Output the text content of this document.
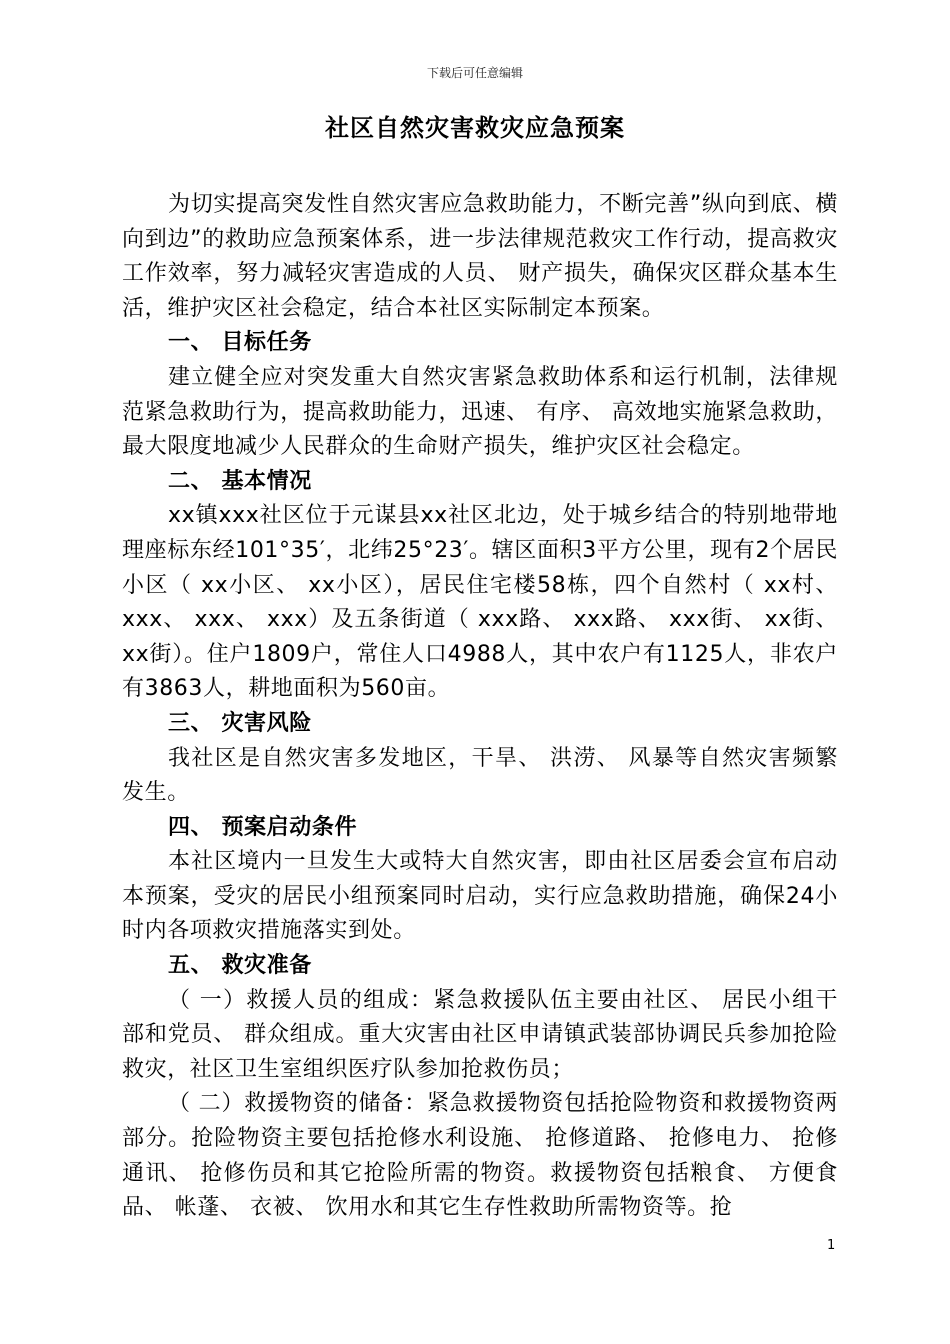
下载后可任意编辑
社区自然灾害救灾应急预案

为切实提高突发性自然灾害应急救助能力，不断完善”纵向到底、横向到边”的救助应急预案体系，进一步法律规范救灾工作行动，提高救灾工作效率，努力减轻灾害造成的人员、 财产损失，确保灾区群众基本生活，维护灾区社会稳定，结合本社区实际制定本预案。

一、 目标任务

建立健全应对突发重大自然灾害紧急救助体系和运行机制，法律规范紧急救助行为，提高救助能力，迅速、 有序、 高效地实施紧急救助，最大限度地减少人民群众的生命财产损失，维护灾区社会稳定。

二、 基本情况

xx镇xxx社区位于元谋县xx社区北边，处于城乡结合的特别地带地理座标东经101°35′，北纬25°23′。辖区面积3平方公里，现有2个居民小区（ xx小区、 xx小区），居民住宅楼58栋，四个自然村（ xx村、 xxx、 xxx、 xxx）及五条街道（ xxx路、 xxx路、 xxx街、 xx街、 xx街）。住户1809户，常住人口4988人，其中农户有1125人，非农户有3863人，耕地面积为560亩。

三、 灾害风险

我社区是自然灾害多发地区，干旱、 洪涝、 风暴等自然灾害频繁发生。

四、 预案启动条件

本社区境内一旦发生大或特大自然灾害，即由社区居委会宣布启动本预案，受灾的居民小组预案同时启动，实行应急救助措施，确保24小时内各项救灾措施落实到处。

五、 救灾准备

（ 一）救援人员的组成：紧急救援队伍主要由社区、 居民小组干部和党员、 群众组成。重大灾害由社区申请镇武装部协调民兵参加抢险救灾，社区卫生室组织医疗队参加抢救伤员；

（ 二）救援物资的储备：紧急救援物资包括抢险物资和救援物资两部分。抢险物资主要包括抢修水利设施、 抢修道路、 抢修电力、 抢修通讯、 抢修伤员和其它抢险所需的物资。救援物资包括粮食、 方便食品、 帐蓬、 衣被、 饮用水和其它生存性救助所需物资等。抢

1
